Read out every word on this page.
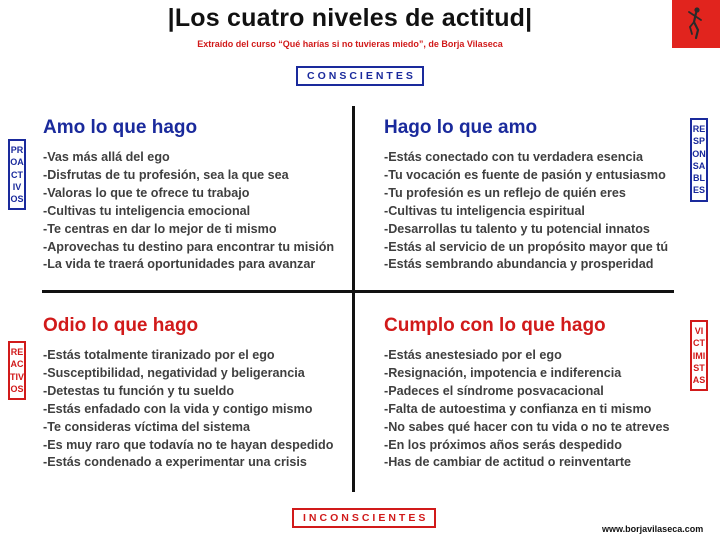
|Los cuatro niveles de actitud|
Extraído del curso “Qué harías si no tuvieras miedo”, de Borja Vilaseca
CONSCIENTES
INCONSCIENTES
PROACTIVOS
REACTIVOS
RESPONSABLES
VICTIMISTAS
Amo lo que hago
-Vas más allá del ego
-Disfrutas de tu profesión, sea la que sea
-Valoras lo que te ofrece tu trabajo
-Cultivas tu inteligencia emocional
-Te centras en dar lo mejor de ti mismo
-Aprovechas tu destino para encontrar tu misión
-La vida te traerá oportunidades para avanzar
Hago lo que amo
-Estás conectado con tu verdadera esencia
-Tu vocación es fuente de pasión y entusiasmo
-Tu profesión es un reflejo de quién eres
-Cultivas tu inteligencia espiritual
-Desarrollas tu talento y tu potencial innatos
-Estás al servicio de un propósito mayor que tú
-Estás sembrando abundancia y prosperidad
Odio lo que hago
-Estás totalmente tiranizado por el ego
-Susceptibilidad, negatividad y beligerancia
-Detestas tu función y tu sueldo
-Estás enfadado con la vida y contigo mismo
-Te consideras víctima del sistema
-Es muy raro que todavía no te hayan despedido
-Estás condenado a experimentar una crisis
Cumplo con lo que hago
-Estás anestesiado por el ego
-Resignación, impotencia e indiferencia
-Padeces el síndrome posvacacional
-Falta de autoestima y confianza en ti mismo
-No sabes qué hacer con tu vida o no te atreves
-En los próximos años serás despedido
-Has de cambiar de actitud o reinventarte
www.borjavilaseca.com
